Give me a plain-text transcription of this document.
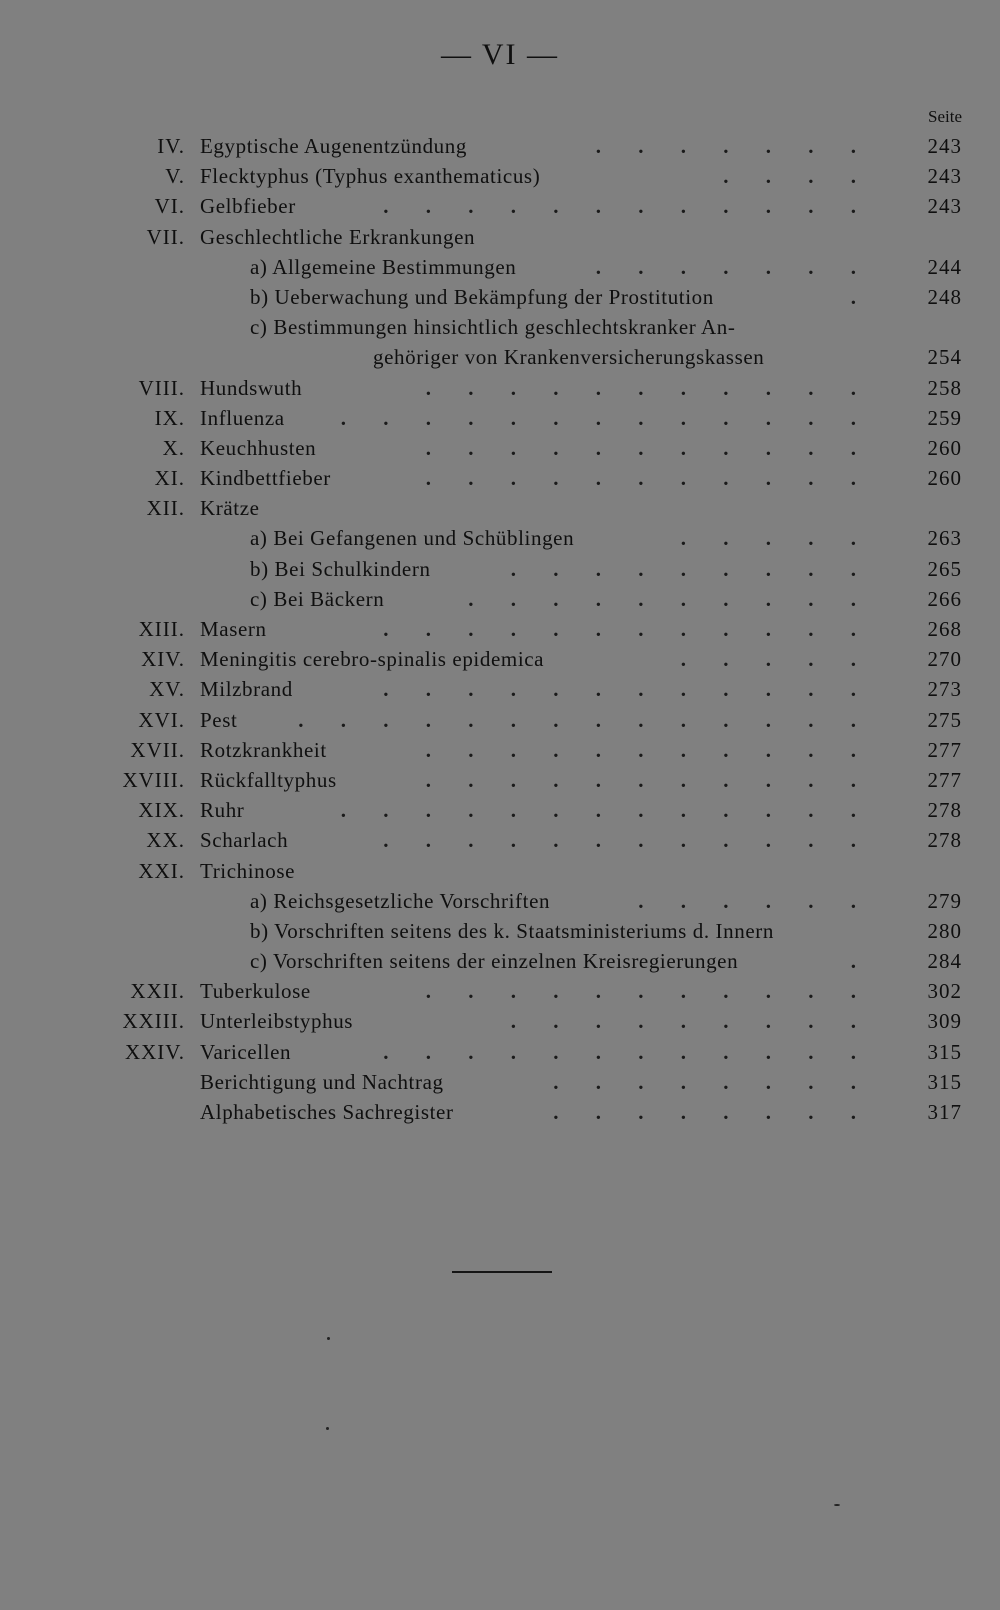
— VI —
Seite
IV. Egyptische Augenentzündung	. . . . . . .	243
V. Flecktyphus (Typhus exanthematicus)	. . . .	243
VI. Gelbfieber	. . . . . . . . . . . .	243
VII. Geschlechtliche Erkrankungen
a) Allgemeine Bestimmungen	. . . . . . .	244
b) Ueberwachung und Bekämpfung der Prostitution	.	248
c) Bestimmungen hinsichtlich geschlechtskranker An-
gehöriger von Krankenversicherungskassen	254
VIII. Hundswuth	. . . . . . . . . . .	258
IX. Influenza	. . . . . . . . . . . . .	259
X. Keuchhusten	. . . . . . . . . . .	260
XI. Kindbettfieber	. . . . . . . . . . .	260
XII. Krätze
a) Bei Gefangenen und Schüblingen	. . . . .	263
b) Bei Schulkindern	. . . . . . . . .	265
c) Bei Bäckern	. . . . . . . . . .	266
XIII. Masern	. . . . . . . . . . . .	268
XIV. Meningitis cerebro-spinalis epidemica	. . . . .	270
XV. Milzbrand	. . . . . . . . . . . .	273
XVI. Pest	. . . . . . . . . . . . . .	275
XVII. Rotzkrankheit	. . . . . . . . . . .	277
XVIII. Rückfalltyphus	. . . . . . . . . . .	277
XIX. Ruhr	. . . . . . . . . . . . .	278
XX. Scharlach	. . . . . . . . . . . .	278
XXI. Trichinose
a) Reichsgesetzliche Vorschriften	. . . . . .	279
b) Vorschriften seitens des k. Staatsministeriums d. Innern	280
c) Vorschriften seitens der einzelnen Kreisregierungen	.	284
XXII. Tuberkulose	. . . . . . . . . . .	302
XXIII. Unterleibstyphus	. . . . . . . . .	309
XXIV. Varicellen	. . . . . . . . . . . .	315
Berichtigung und Nachtrag	. . . . . . . .	315
Alphabetisches Sachregister	. . . . . . . .	317
